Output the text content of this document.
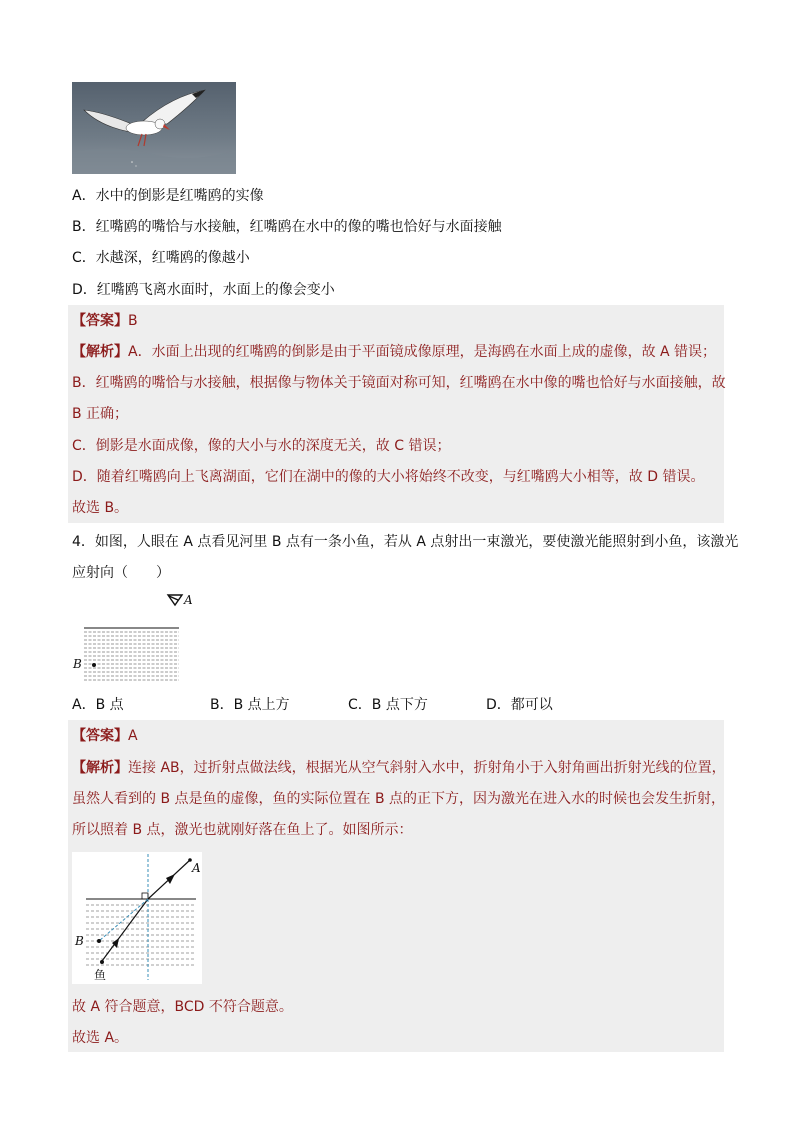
A．水中的倒影是红嘴鸥的实像
B．红嘴鸥的嘴恰与水接触，红嘴鸥在水中的像的嘴也恰好与水面接触
C．水越深，红嘴鸥的像越小
D．红嘴鸥飞离水面时，水面上的像会变小
【答案】B
【解析】A．水面上出现的红嘴鸥的倒影是由于平面镜成像原理，是海鸥在水面上成的虚像，故 A 错误；
B．红嘴鸥的嘴恰与水接触，根据像与物体关于镜面对称可知，红嘴鸥在水中像的嘴也恰好与水面接触，故
B 正确；
C．倒影是水面成像，像的大小与水的深度无关，故 C 错误；
D．随着红嘴鸥向上飞离湖面，它们在湖中的像的大小将始终不改变，与红嘴鸥大小相等，故 D 错误。
故选 B。
4．如图，人眼在 A 点看见河里 B 点有一条小鱼，若从 A 点射出一束激光，要使激光能照射到小鱼，该激光
应射向（　　）
A
B
A．B 点	B．B 点上方	C．B 点下方	D．都可以
【答案】A
【解析】连接 AB，过折射点做法线，根据光从空气斜射入水中，折射角小于入射角画出折射光线的位置，
虽然人看到的 B 点是鱼的虚像，鱼的实际位置在 B 点的正下方，因为激光在进入水的时候也会发生折射，
所以照着 B 点，激光也就刚好落在鱼上了。如图所示：
A
B
鱼
故 A 符合题意，BCD 不符合题意。
故选 A。
